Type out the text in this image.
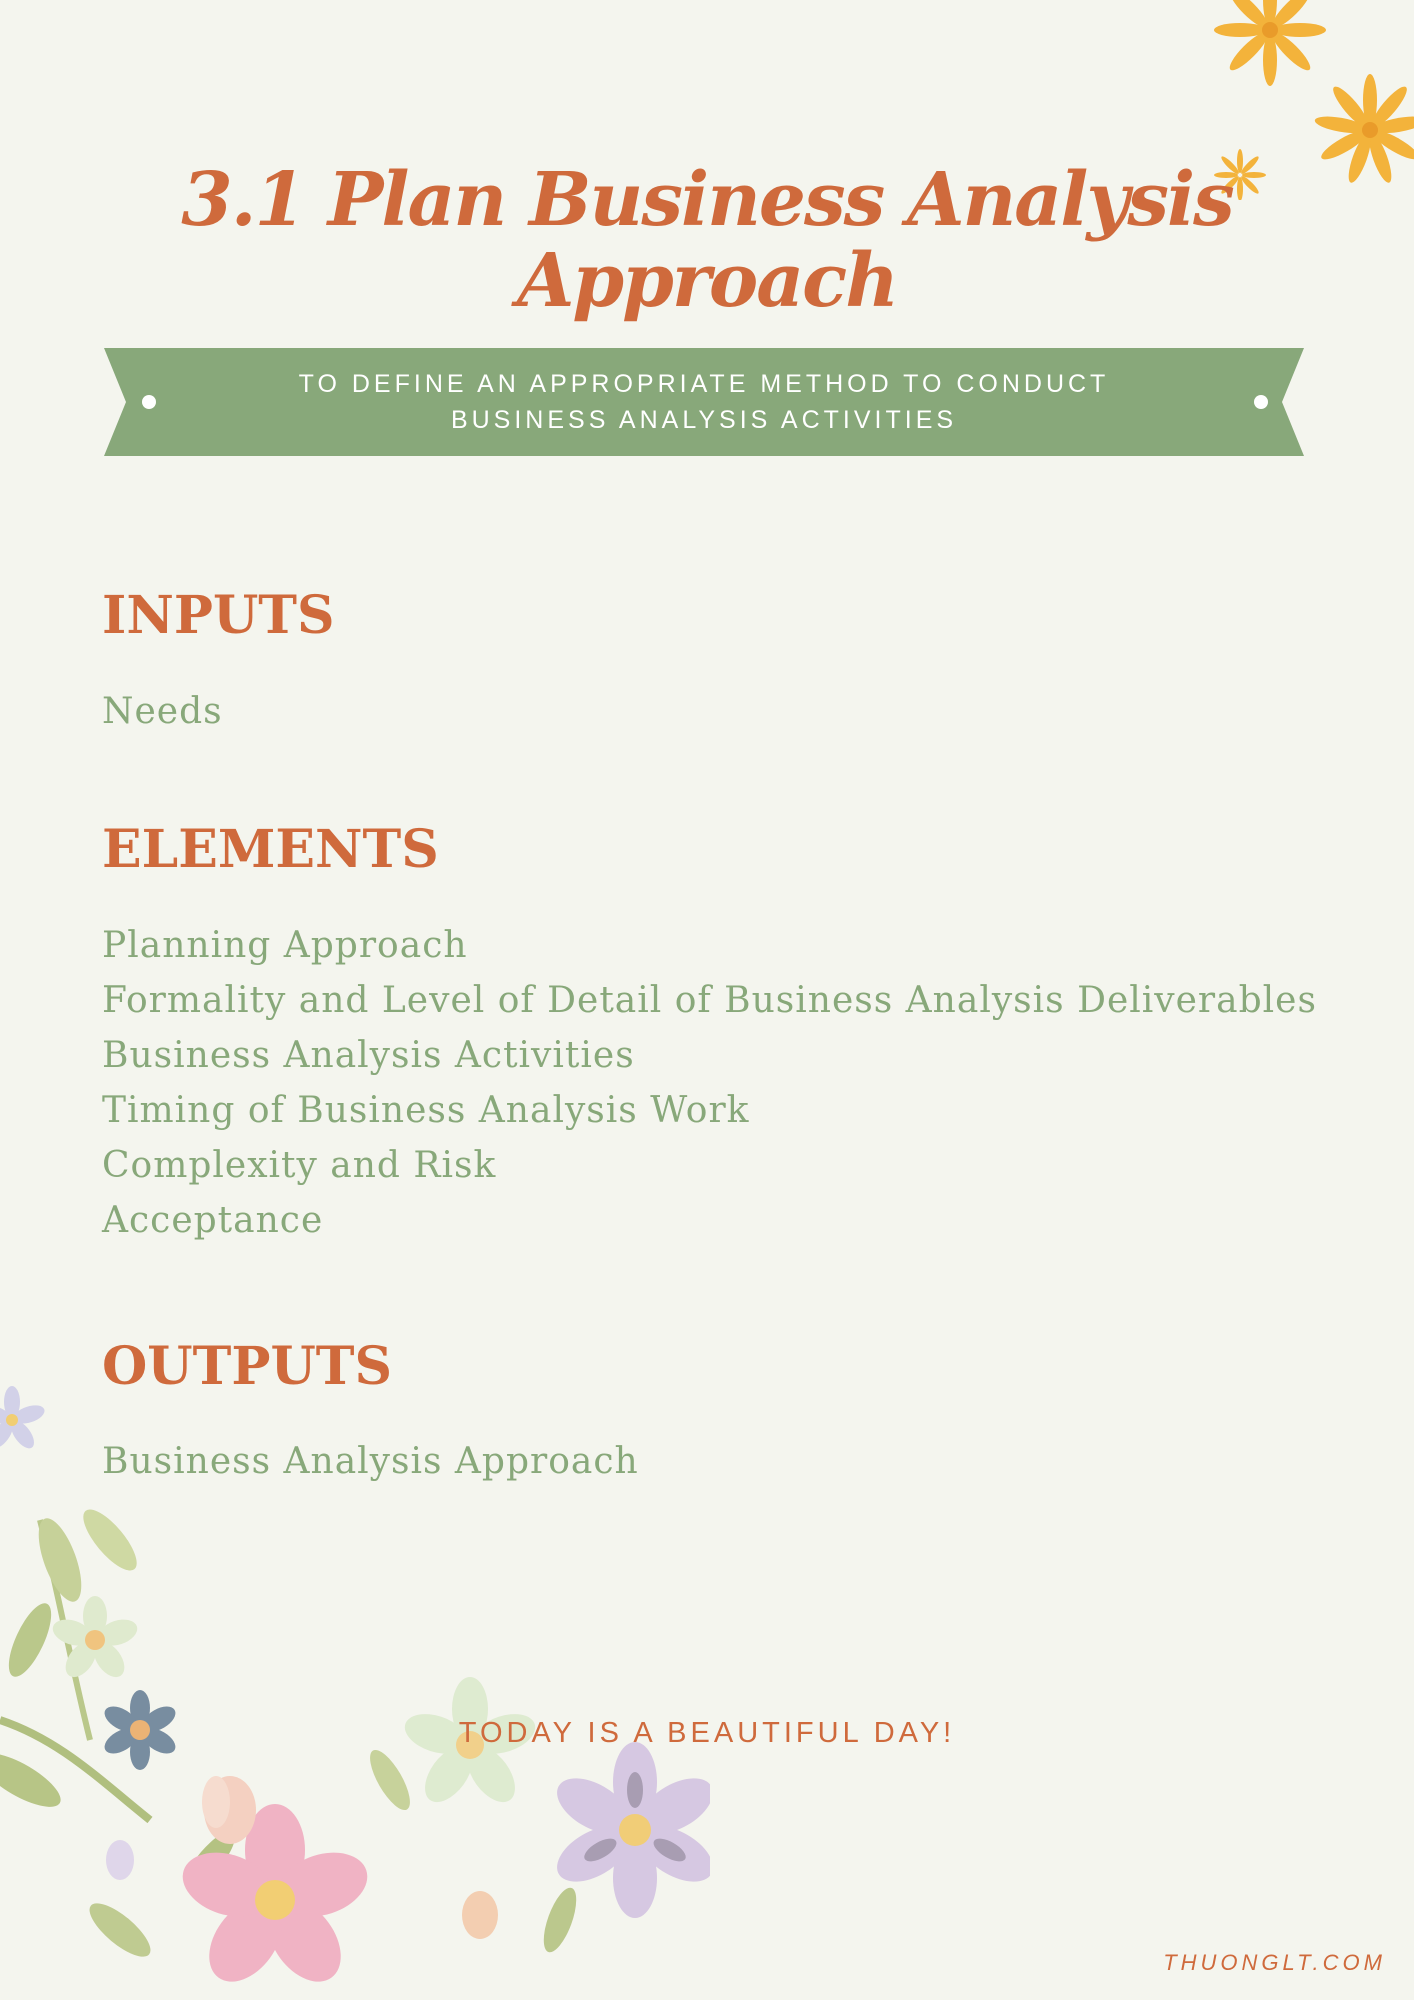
3.1 Plan Business Analysis Approach
TO DEFINE AN APPROPRIATE METHOD TO CONDUCT BUSINESS ANALYSIS ACTIVITIES
INPUTS
Needs
ELEMENTS
Planning Approach
Formality and Level of Detail of Business Analysis Deliverables
Business Analysis Activities
Timing of Business Analysis Work
Complexity and Risk
Acceptance
OUTPUTS
Business Analysis Approach
TODAY IS A BEAUTIFUL DAY!
THUONGLT.COM
